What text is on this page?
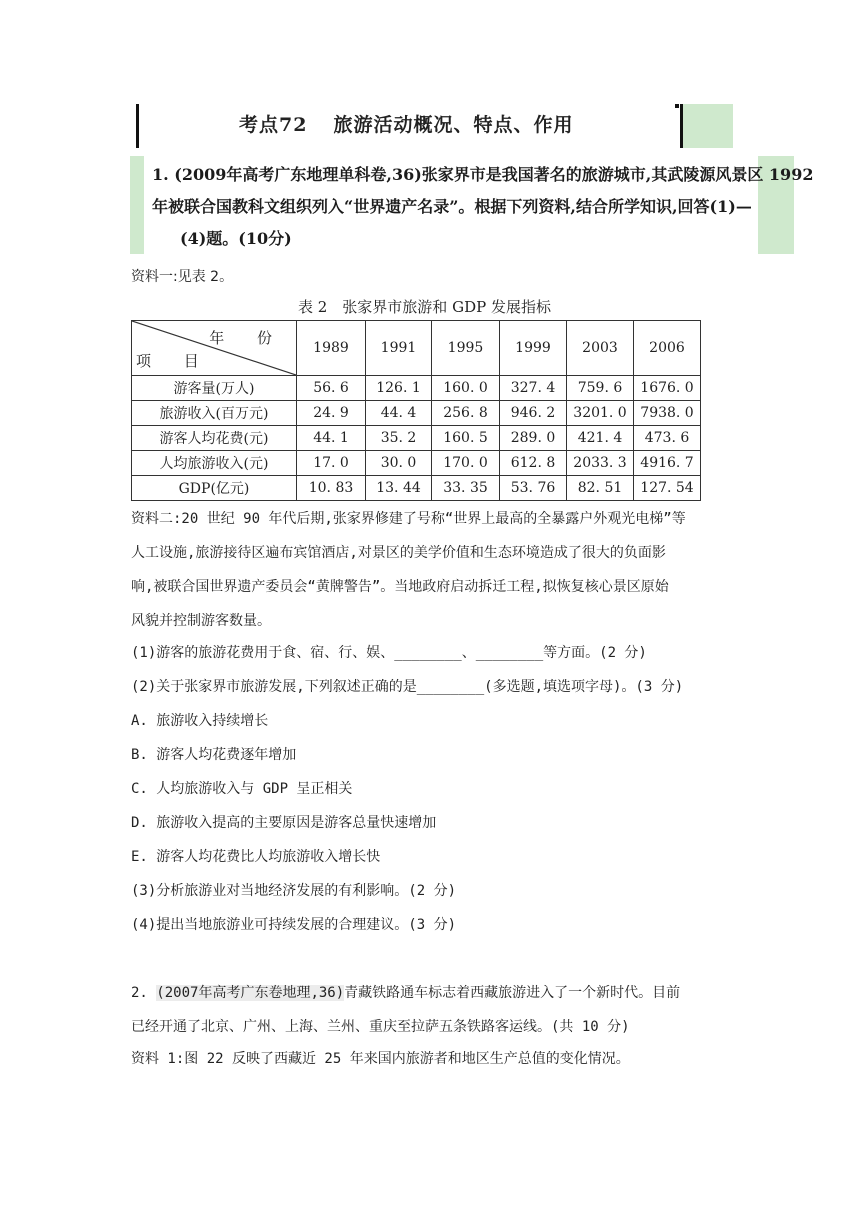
考点72 旅游活动概况、特点、作用
1. (2009年高考广东地理单科卷,36)张家界市是我国著名的旅游城市,其武陵源风景区 1992
年被联合国教科文组织列入“世界遗产名录”。根据下列资料,结合所学知识,回答(1)—
(4)题。(10分)
资料一:见表 2。
表 2　张家界市旅游和 GDP 发展指标
年 份
项 目	1989	1991	1995	1999	2003	2006
游客量(万人)	56. 6	126. 1	160. 0	327. 4	759. 6	1676. 0
旅游收入(百万元)	24. 9	44. 4	256. 8	946. 2	3201. 0	7938. 0
游客人均花费(元)	44. 1	35. 2	160. 5	289. 0	421. 4	473. 6
人均旅游收入(元)	17. 0	30. 0	170. 0	612. 8	2033. 3	4916. 7
GDP(亿元)	10. 83	13. 44	33. 35	53. 76	82. 51	127. 54
资料二:20 世纪 90 年代后期,张家界修建了号称“世界上最高的全暴露户外观光电梯”等
人工设施,旅游接待区遍布宾馆酒店,对景区的美学价值和生态环境造成了很大的负面影
响,被联合国世界遗产委员会“黄牌警告”。当地政府启动拆迁工程,拟恢复核心景区原始
风貌并控制游客数量。
(1)游客的旅游花费用于食、宿、行、娱、________、________等方面。(2 分)
(2)关于张家界市旅游发展,下列叙述正确的是________(多选题,填选项字母)。(3 分)
A. 旅游收入持续增长
B. 游客人均花费逐年增加
C. 人均旅游收入与 GDP 呈正相关
D. 旅游收入提高的主要原因是游客总量快速增加
E. 游客人均花费比人均旅游收入增长快
(3)分析旅游业对当地经济发展的有利影响。(2 分)
(4)提出当地旅游业可持续发展的合理建议。(3 分)
2. (2007年高考广东卷地理,36)青藏铁路通车标志着西藏旅游进入了一个新时代。目前
已经开通了北京、广州、上海、兰州、重庆至拉萨五条铁路客运线。(共 10 分)
资料 1:图 22 反映了西藏近 25 年来国内旅游者和地区生产总值的变化情况。
